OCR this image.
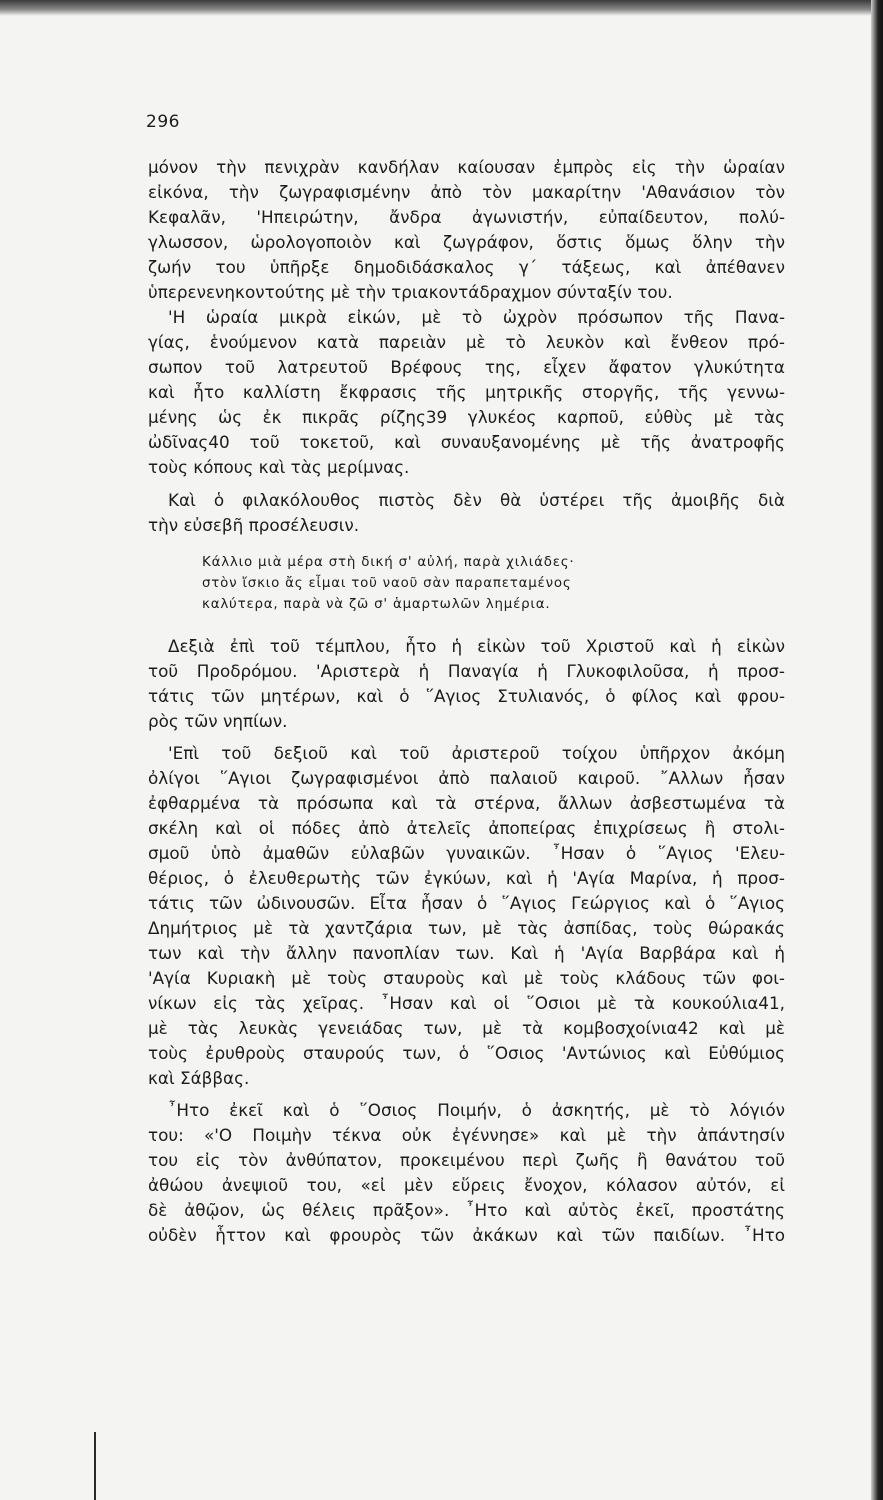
296
μόνον τὴν πενιχρὰν κανδήλαν καίουσαν ἐμπρὸς εἰς τὴν ὡραίαν
εἰκόνα, τὴν ζωγραφισμένην ἀπὸ τὸν μακαρίτην 'Αθανάσιον τὸν
Κεφαλᾶν, 'Ηπειρώτην, ἄνδρα ἀγωνιστήν, εὐπαίδευτον, πολύ-
γλωσσον, ὡρολογοποιὸν καὶ ζωγράφον, ὅστις ὅμως ὅλην τὴν
ζωήν του ὑπῆρξε δημοδιδάσκαλος γ΄ τάξεως, καὶ ἀπέθανεν
ὑπερενενηκοντούτης μὲ τὴν τριακοντάδραχμον σύνταξίν του.
'Η ὡραία μικρὰ εἰκών, μὲ τὸ ὠχρὸν πρόσωπον τῆς Πανα-
γίας, ἑνούμενον κατὰ παρειὰν μὲ τὸ λευκὸν καὶ ἔνθεον πρό-
σωπον τοῦ λατρευτοῦ Βρέφους της, εἶχεν ἄφατον γλυκύτητα
καὶ ἦτο καλλίστη ἔκφρασις τῆς μητρικῆς στοργῆς, τῆς γεννω-
μένης ὡς ἐκ πικρᾶς ρίζης39 γλυκέος καρποῦ, εὐθὺς μὲ τὰς
ὠδῖνας40 τοῦ τοκετοῦ, καὶ συναυξανομένης μὲ τῆς ἀνατροφῆς
τοὺς κόπους καὶ τὰς μερίμνας.
Καὶ ὁ φιλακόλουθος πιστὸς δὲν θὰ ὑστέρει τῆς ἀμοιβῆς διὰ
τὴν εὐσεβῆ προσέλευσιν.
Κάλλιο μιὰ μέρα στὴ δική σ' αὐλή, παρὰ χιλιάδες·
στὸν ἴσκιο ἄς εἶμαι τοῦ ναοῦ σὰν παραπεταμένος
καλύτερα, παρὰ νὰ ζῶ σ' ἁμαρτωλῶν λημέρια.
Δεξιὰ ἐπὶ τοῦ τέμπλου, ἦτο ἡ εἰκὼν τοῦ Χριστοῦ καὶ ἡ εἰκὼν
τοῦ Προδρόμου. 'Αριστερὰ ἡ Παναγία ἡ Γλυκοφιλοῦσα, ἡ προσ-
τάτις τῶν μητέρων, καὶ ὁ ῞Αγιος Στυλιανός, ὁ φίλος καὶ φρου-
ρὸς τῶν νηπίων.
'Επὶ τοῦ δεξιοῦ καὶ τοῦ ἀριστεροῦ τοίχου ὑπῆρχον ἀκόμη
ὀλίγοι ῞Αγιοι ζωγραφισμένοι ἀπὸ παλαιοῦ καιροῦ. ῎Αλλων ἦσαν
ἐφθαρμένα τὰ πρόσωπα καὶ τὰ στέρνα, ἄλλων ἀσβεστωμένα τὰ
σκέλη καὶ οἱ πόδες ἀπὸ ἀτελεῖς ἀποπείρας ἐπιχρίσεως ἢ στολι-
σμοῦ ὑπὸ ἀμαθῶν εὐλαβῶν γυναικῶν. ῏Ησαν ὁ ῞Αγιος 'Ελευ-
θέριος, ὁ ἐλευθερωτὴς τῶν ἐγκύων, καὶ ἡ 'Αγία Μαρίνα, ἡ προσ-
τάτις τῶν ὠδινουσῶν. Εἶτα ἦσαν ὁ ῞Αγιος Γεώργιος καὶ ὁ ῞Αγιος
Δημήτριος μὲ τὰ χαντζάρια των, μὲ τὰς ἀσπίδας, τοὺς θώρακάς
των καὶ τὴν ἄλλην πανοπλίαν των. Καὶ ἡ 'Αγία Βαρβάρα καὶ ἡ
'Αγία Κυριακὴ μὲ τοὺς σταυροὺς καὶ μὲ τοὺς κλάδους τῶν φοι-
νίκων εἰς τὰς χεῖρας. ῏Ησαν καὶ οἱ ῞Οσιοι μὲ τὰ κουκούλια41,
μὲ τὰς λευκὰς γενειάδας των, μὲ τὰ κομβοσχοίνια42 καὶ μὲ
τοὺς ἐρυθροὺς σταυρούς των, ὁ ῞Οσιος 'Αντώνιος καὶ Εὐθύμιος
καὶ Σάββας.
῏Ητο ἐκεῖ καὶ ὁ ῞Οσιος Ποιμήν, ὁ ἀσκητής, μὲ τὸ λόγιόν
του: «'Ο Ποιμὴν τέκνα οὐκ ἐγέννησε» καὶ μὲ τὴν ἀπάντησίν
του εἰς τὸν ἀνθύπατον, προκειμένου περὶ ζωῆς ἢ θανάτου τοῦ
ἀθώου ἀνεψιοῦ του, «εἰ μὲν εὕρεις ἔνοχον, κόλασον αὐτόν, εἰ
δὲ ἀθῷον, ὡς θέλεις πρᾶξον». ῏Ητο καὶ αὐτὸς ἐκεῖ, προστάτης
οὐδὲν ἧττον καὶ φρουρὸς τῶν ἀκάκων καὶ τῶν παιδίων. ῏Ητο
